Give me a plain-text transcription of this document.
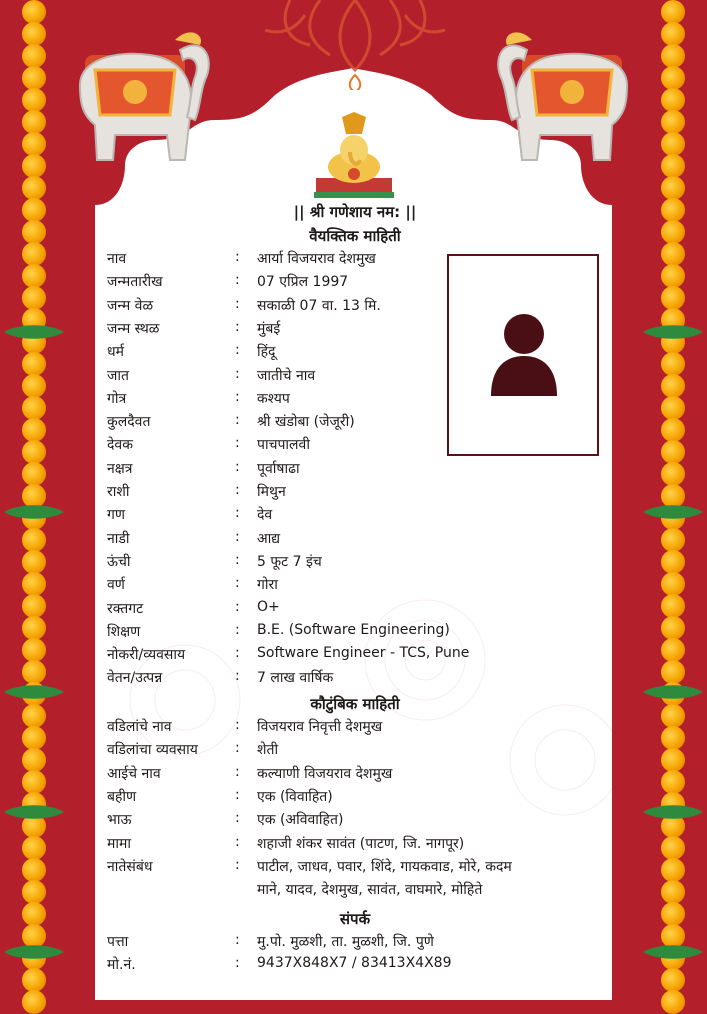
|| श्री गणेशाय नम: ||
वैयक्तिक माहिती
नाव	: आर्या विजयराव देशमुख
जन्मतारीख	: 07 एप्रिल 1997
जन्म वेळ	: सकाळी 07 वा. 13 मि.
जन्म स्थळ	: मुंबई
धर्म	: हिंदू
जात	: जातीचे नाव
गोत्र	: कश्यप
कुलदैवत	: श्री खंडोबा (जेजूरी)
देवक	: पाचपालवी
नक्षत्र	: पूर्वाषाढा
राशी	: मिथुन
गण	: देव
नाडी	: आद्य
ऊंची	: 5 फूट 7 इंच
वर्ण	: गोरा
रक्तगट	: O+
शिक्षण	: B.E. (Software Engineering)
नोकरी/व्यवसाय	: Software Engineer - TCS, Pune
वेतन/उत्पन्न	: 7 लाख वार्षिक
कौटुंबिक माहिती
वडिलांचे नाव	: विजयराव निवृत्ती देशमुख
वडिलांचा व्यवसाय	: शेती
आईचे नाव	: कल्याणी विजयराव देशमुख
बहीण	: एक (विवाहित)
भाऊ	: एक (अविवाहित)
मामा	: शहाजी शंकर सावंत (पाटण, जि. नागपूर)
नातेसंबंध	: पाटील, जाधव, पवार, शिंदे, गायकवाड, मोरे, कदम
माने, यादव, देशमुख, सावंत, वाघमारे, मोहिते
संपर्क
पत्ता	: मु.पो. मुळशी, ता. मुळशी, जि. पुणे
मो.नं.	: 9437X848X7 / 83413X4X89
